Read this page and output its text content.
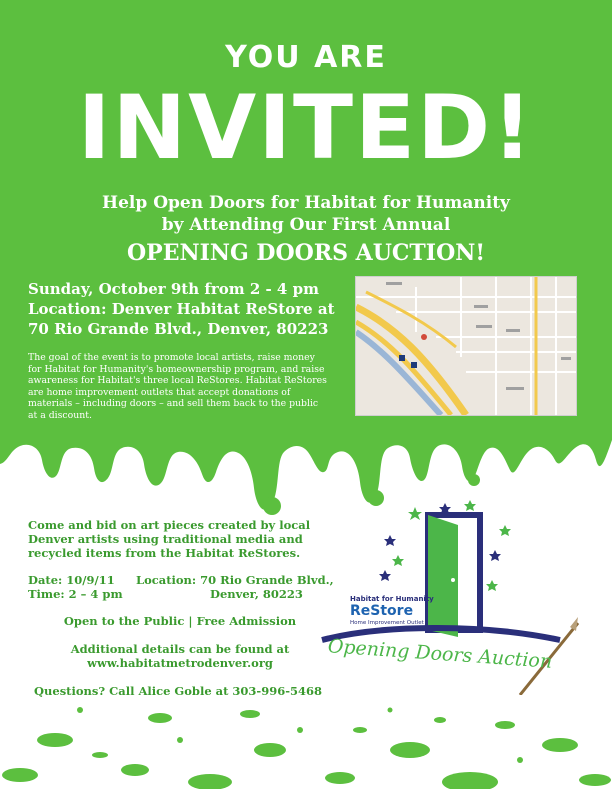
YOU ARE
INVITED!
Help Open Doors for Habitat for Humanity
by Attending Our First Annual
OPENING DOORS AUCTION!
Sunday, October 9th from 2 - 4 pm
Location: Denver Habitat ReStore at
70 Rio Grande Blvd., Denver, 80223
The goal of the event is to promote local artists, raise money for Habitat for Humanity's homeownership program, and raise awareness for Habitat's three local ReStores. Habitat ReStores are home improvement outlets that accept donations of materials – including doors – and sell them back to the public at a discount.
Come and bid on art pieces created by local Denver artists using traditional media and recycled items from the Habitat ReStores.
Date: 10/9/11
Time: 2 – 4 pm
Location: 70 Rio Grande Blvd.,
Denver, 80223
Open to the Public | Free Admission
Additional details can be found at
www.habitatmetrodenver.org
Questions? Call Alice Goble at 303-996-5468
Habitat for Humanity
ReStore
Home Improvement Outlet
Opening Doors Auction
